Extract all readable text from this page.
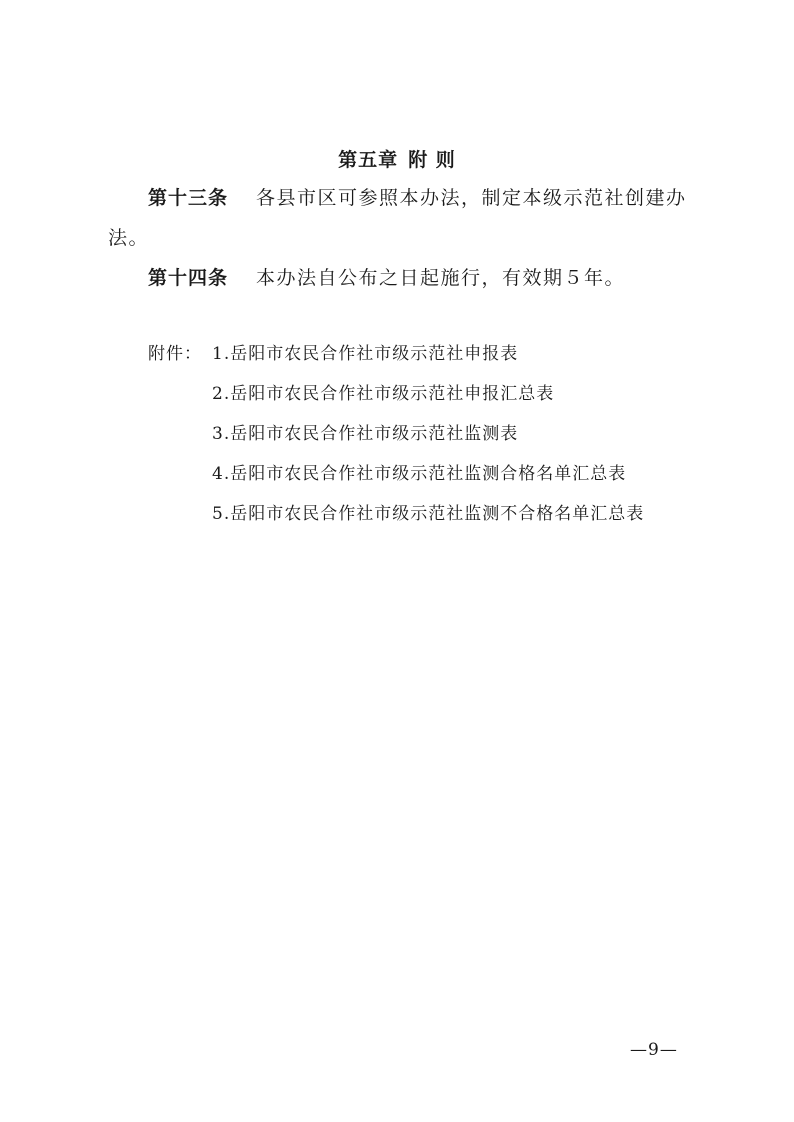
第五章 附 则
第十三条 各县市区可参照本办法，制定本级示范社创建办法。
第十四条 本办法自公布之日起施行，有效期５年。
附件： 1.岳阳市农民合作社市级示范社申报表
2.岳阳市农民合作社市级示范社申报汇总表
3.岳阳市农民合作社市级示范社监测表
4.岳阳市农民合作社市级示范社监测合格名单汇总表
5.岳阳市农民合作社市级示范社监测不合格名单汇总表
—9—
